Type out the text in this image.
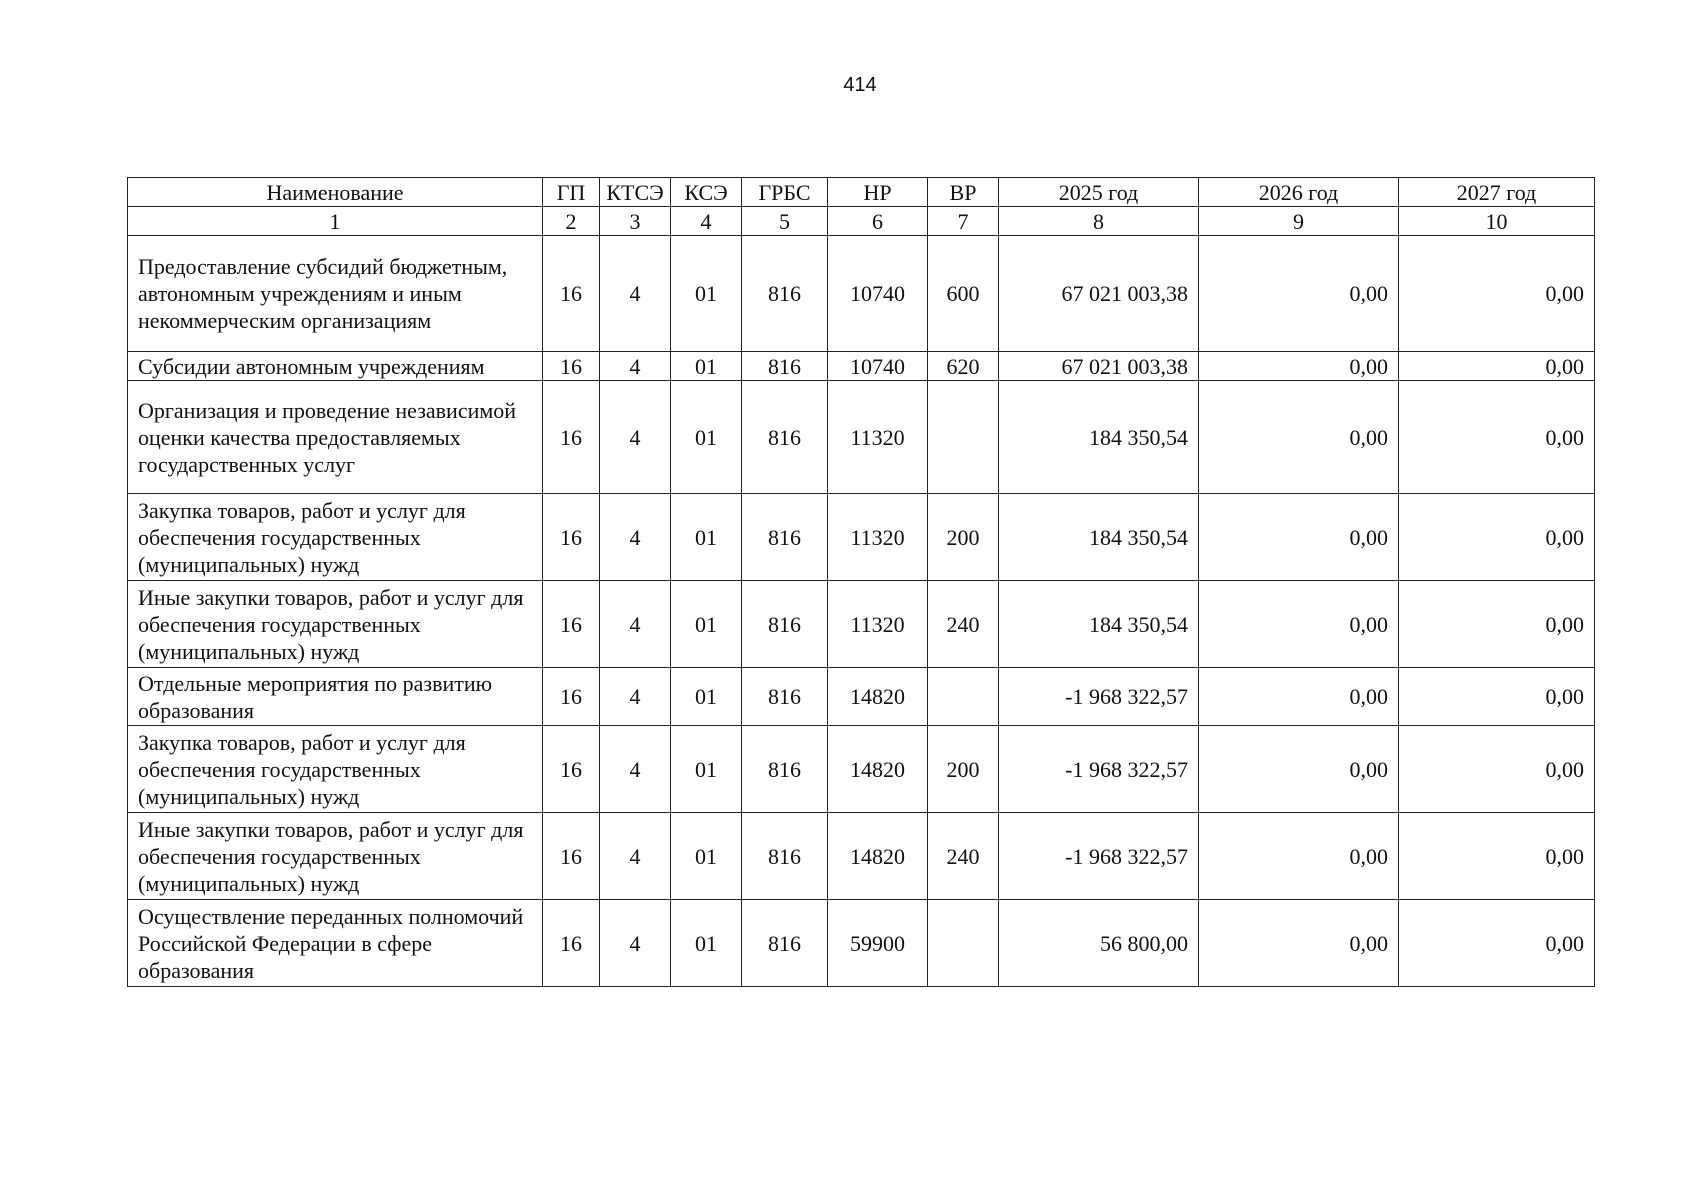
414
Наименование	ГП	КТСЭ	КСЭ	ГРБС	НР	ВР	2025 год	2026 год	2027 год
1	2	3	4	5	6	7	8	9	10
Предоставление субсидий бюджетным, автономным учреждениям и иным некоммерческим организациям	16	4	01	816	10740	600	67 021 003,38	0,00	0,00
Субсидии автономным учреждениям	16	4	01	816	10740	620	67 021 003,38	0,00	0,00
Организация и проведение независимой оценки качества предоставляемых государственных услуг	16	4	01	816	11320		184 350,54	0,00	0,00
Закупка товаров, работ и услуг для обеспечения государственных (муниципальных) нужд	16	4	01	816	11320	200	184 350,54	0,00	0,00
Иные закупки товаров, работ и услуг для обеспечения государственных (муниципальных) нужд	16	4	01	816	11320	240	184 350,54	0,00	0,00
Отдельные мероприятия по развитию образования	16	4	01	816	14820		-1 968 322,57	0,00	0,00
Закупка товаров, работ и услуг для обеспечения государственных (муниципальных) нужд	16	4	01	816	14820	200	-1 968 322,57	0,00	0,00
Иные закупки товаров, работ и услуг для обеспечения государственных (муниципальных) нужд	16	4	01	816	14820	240	-1 968 322,57	0,00	0,00
Осуществление переданных полномочий Российской Федерации в сфере образования	16	4	01	816	59900		56 800,00	0,00	0,00
